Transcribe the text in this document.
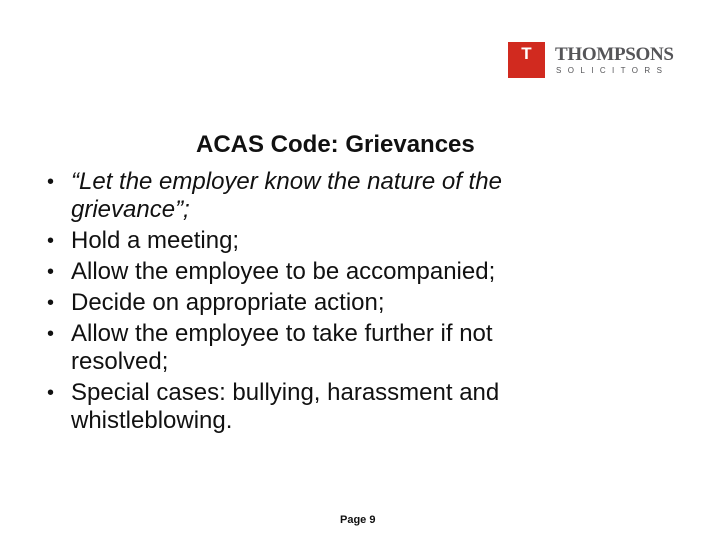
T THOMPSONS
SOLICITORS
ACAS Code: Grievances
• “Let the employer know the nature of the grievance”;
• Hold a meeting;
• Allow the employee to be accompanied;
• Decide on appropriate action;
• Allow the employee to take further if not resolved;
• Special cases: bullying, harassment and whistleblowing.
Page 9
